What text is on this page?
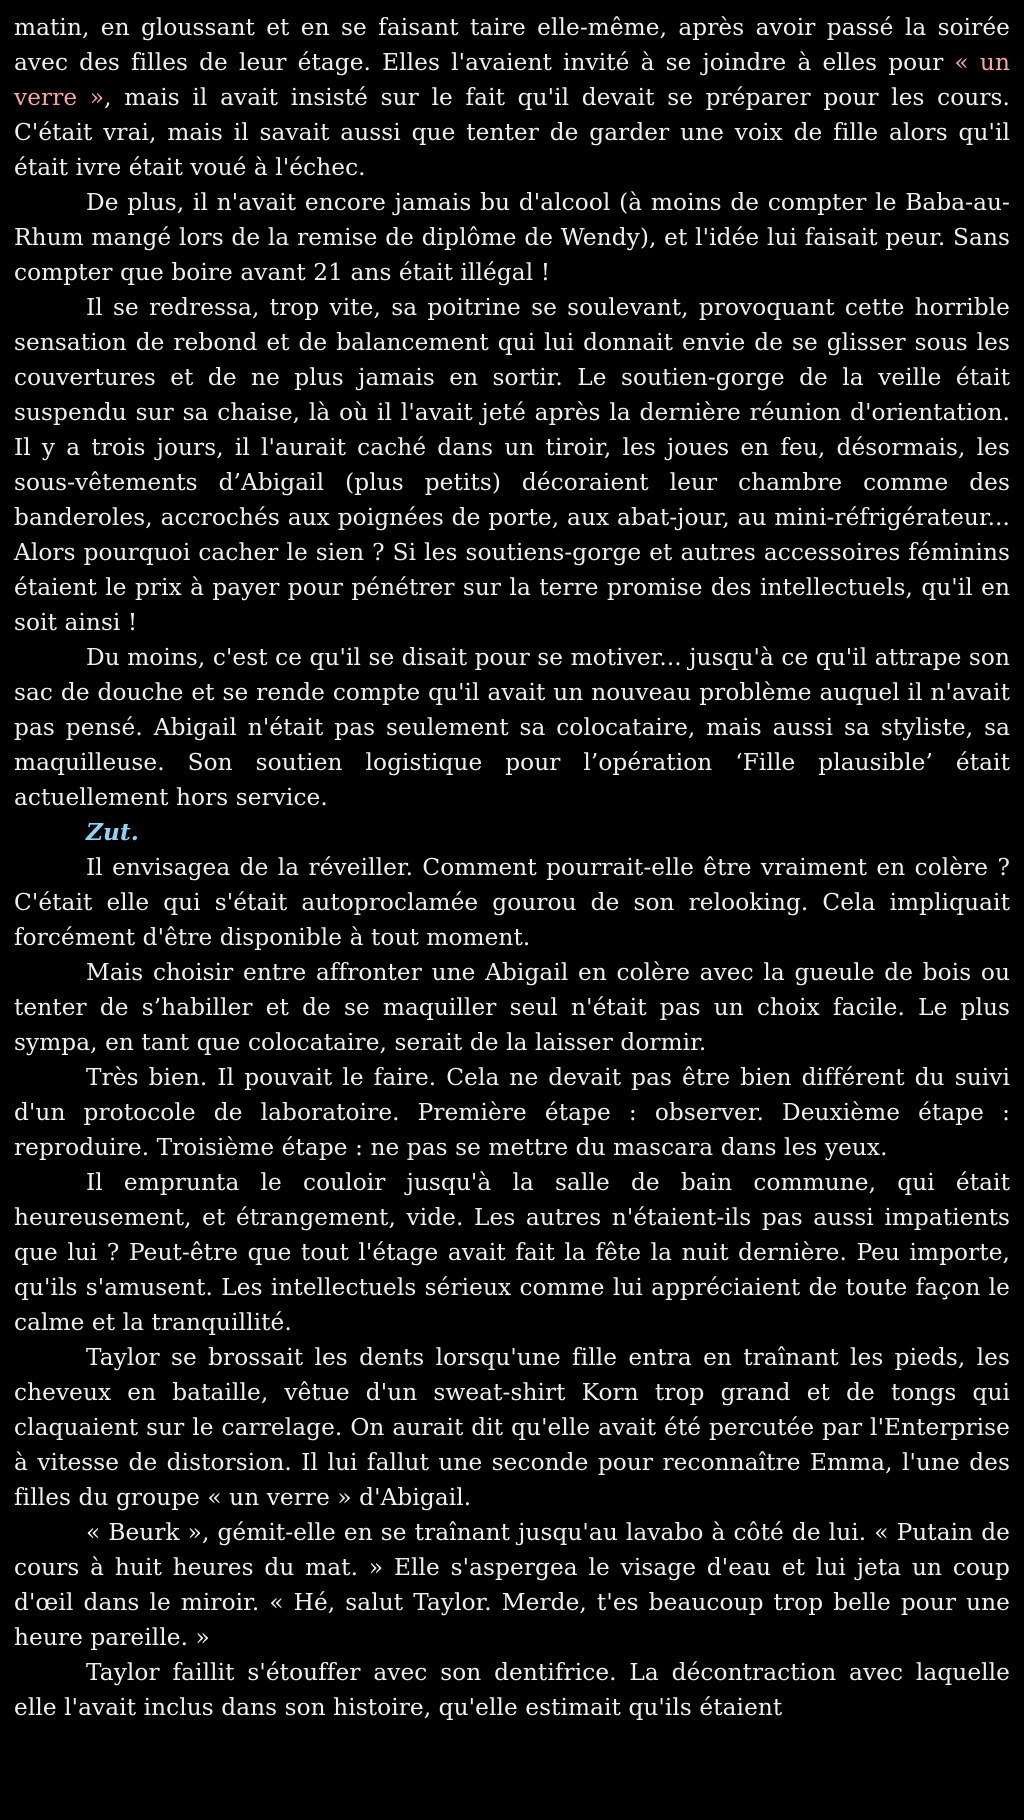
matin, en gloussant et en se faisant taire elle-même, après avoir passé la soirée avec des filles de leur étage. Elles l'avaient invité à se joindre à elles pour « un verre », mais il avait insisté sur le fait qu'il devait se préparer pour les cours. C'était vrai, mais il savait aussi que tenter de garder une voix de fille alors qu'il était ivre était voué à l'échec.

De plus, il n'avait encore jamais bu d'alcool (à moins de compter le Baba-au-Rhum mangé lors de la remise de diplôme de Wendy), et l'idée lui faisait peur. Sans compter que boire avant 21 ans était illégal !

Il se redressa, trop vite, sa poitrine se soulevant, provoquant cette horrible sensation de rebond et de balancement qui lui donnait envie de se glisser sous les couvertures et de ne plus jamais en sortir. Le soutien-gorge de la veille était suspendu sur sa chaise, là où il l'avait jeté après la dernière réunion d'orientation. Il y a trois jours, il l'aurait caché dans un tiroir, les joues en feu, désormais, les sous-vêtements d’Abigail (plus petits) décoraient leur chambre comme des banderoles, accrochés aux poignées de porte, aux abat-jour, au mini-réfrigérateur... Alors pourquoi cacher le sien ? Si les soutiens-gorge et autres accessoires féminins étaient le prix à payer pour pénétrer sur la terre promise des intellectuels, qu'il en soit ainsi !

Du moins, c'est ce qu'il se disait pour se motiver... jusqu'à ce qu'il attrape son sac de douche et se rende compte qu'il avait un nouveau problème auquel il n'avait pas pensé. Abigail n'était pas seulement sa colocataire, mais aussi sa styliste, sa maquilleuse. Son soutien logistique pour l’opération ‘Fille plausible’ était actuellement hors service.

Zut.

Il envisagea de la réveiller. Comment pourrait-elle être vraiment en colère ? C'était elle qui s'était autoproclamée gourou de son relooking. Cela impliquait forcément d'être disponible à tout moment.

Mais choisir entre affronter une Abigail en colère avec la gueule de bois ou tenter de s’habiller et de se maquiller seul n'était pas un choix facile. Le plus sympa, en tant que colocataire, serait de la laisser dormir.

Très bien. Il pouvait le faire. Cela ne devait pas être bien différent du suivi d'un protocole de laboratoire. Première étape : observer. Deuxième étape : reproduire. Troisième étape : ne pas se mettre du mascara dans les yeux.

Il emprunta le couloir jusqu'à la salle de bain commune, qui était heureusement, et étrangement, vide. Les autres n'étaient-ils pas aussi impatients que lui ? Peut-être que tout l'étage avait fait la fête la nuit dernière. Peu importe, qu'ils s'amusent. Les intellectuels sérieux comme lui appréciaient de toute façon le calme et la tranquillité.

Taylor se brossait les dents lorsqu'une fille entra en traînant les pieds, les cheveux en bataille, vêtue d'un sweat-shirt Korn trop grand et de tongs qui claquaient sur le carrelage. On aurait dit qu'elle avait été percutée par l'Enterprise à vitesse de distorsion. Il lui fallut une seconde pour reconnaître Emma, l'une des filles du groupe « un verre » d'Abigail.

« Beurk », gémit-elle en se traînant jusqu'au lavabo à côté de lui. « Putain de cours à huit heures du mat. » Elle s'aspergea le visage d'eau et lui jeta un coup d'œil dans le miroir. « Hé, salut Taylor. Merde, t'es beaucoup trop belle pour une heure pareille. »

Taylor faillit s'étouffer avec son dentifrice. La décontraction avec laquelle elle l'avait inclus dans son histoire, qu'elle estimait qu'ils étaient
